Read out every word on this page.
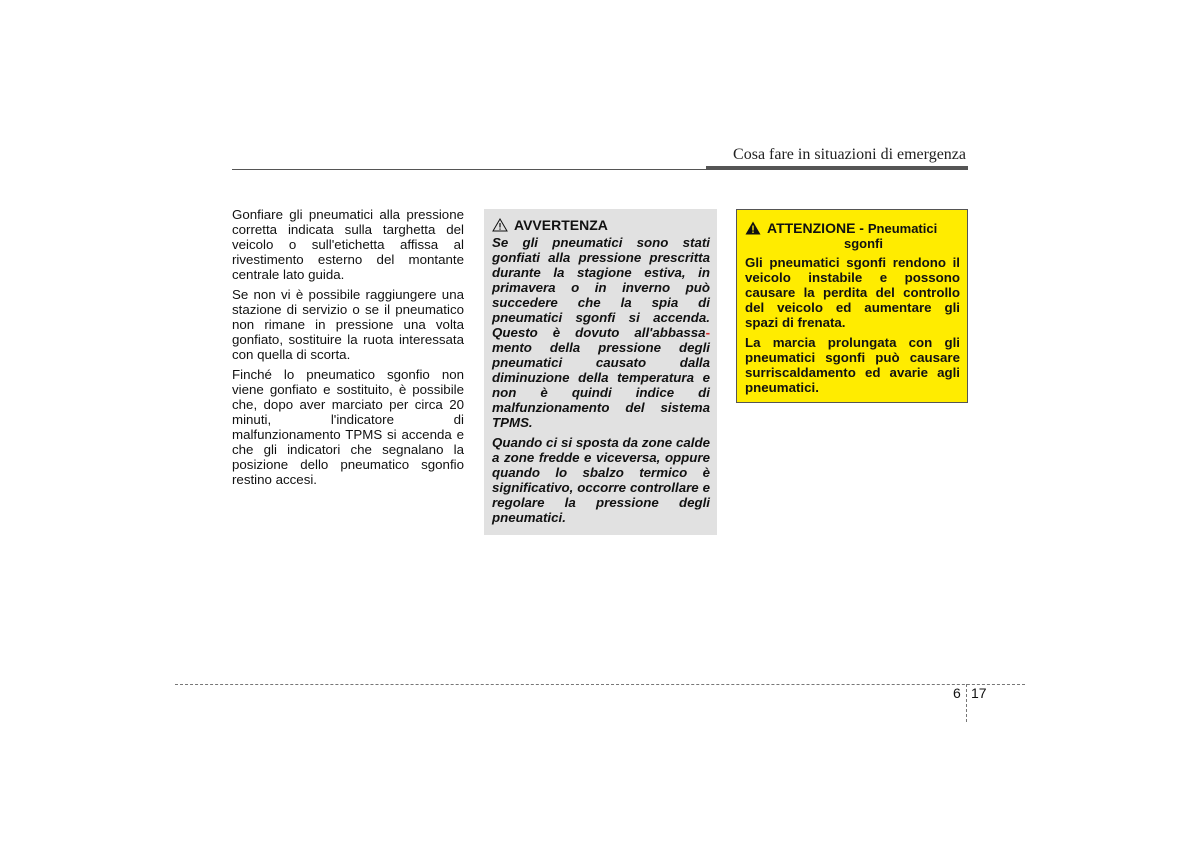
Cosa fare in situazioni di emergenza

Gonfiare gli pneumatici alla pressione corretta indicata sulla targhetta del veicolo o sull'etichetta affissa al rivestimento esterno del montante centrale lato guida.

Se non vi è possibile raggiungere una stazione di servizio o se il pneumatico non rimane in pressione una volta gonfiato, sostituire la ruota interessata con quella di scorta.

Finché lo pneumatico sgonfio non viene gonfiato e sostituito, è possibile che, dopo aver marciato per circa 20 minuti, l'indicatore di malfunzionamento TPMS si accenda e che gli indicatori che segnalano la posizione dello pneumatico sgonfio restino accesi.

AVVERTENZA

Se gli pneumatici sono stati gonfiati alla pressione prescritta durante la stagione estiva, in primavera o in inverno può succedere che la spia di pneumatici sgonfi si accenda. Questo è dovuto all'abbassa- mento della pressione degli pneumatici causato dalla diminuzione della temperatura e non è quindi indice di malfunzionamento del sistema TPMS.

Quando ci si sposta da zone calde a zone fredde e viceversa, oppure quando lo sbalzo termico è significativo, occorre controllare e regolare la pressione degli pneumatici.

ATTENZIONE - Pneumatici
sgonfi

Gli pneumatici sgonfi rendono il veicolo instabile e possono causare la perdita del controllo del veicolo ed aumentare gli spazi di frenata.

La marcia prolungata con gli pneumatici sgonfi può causare surriscaldamento ed avarie agli pneumatici.

6 17
